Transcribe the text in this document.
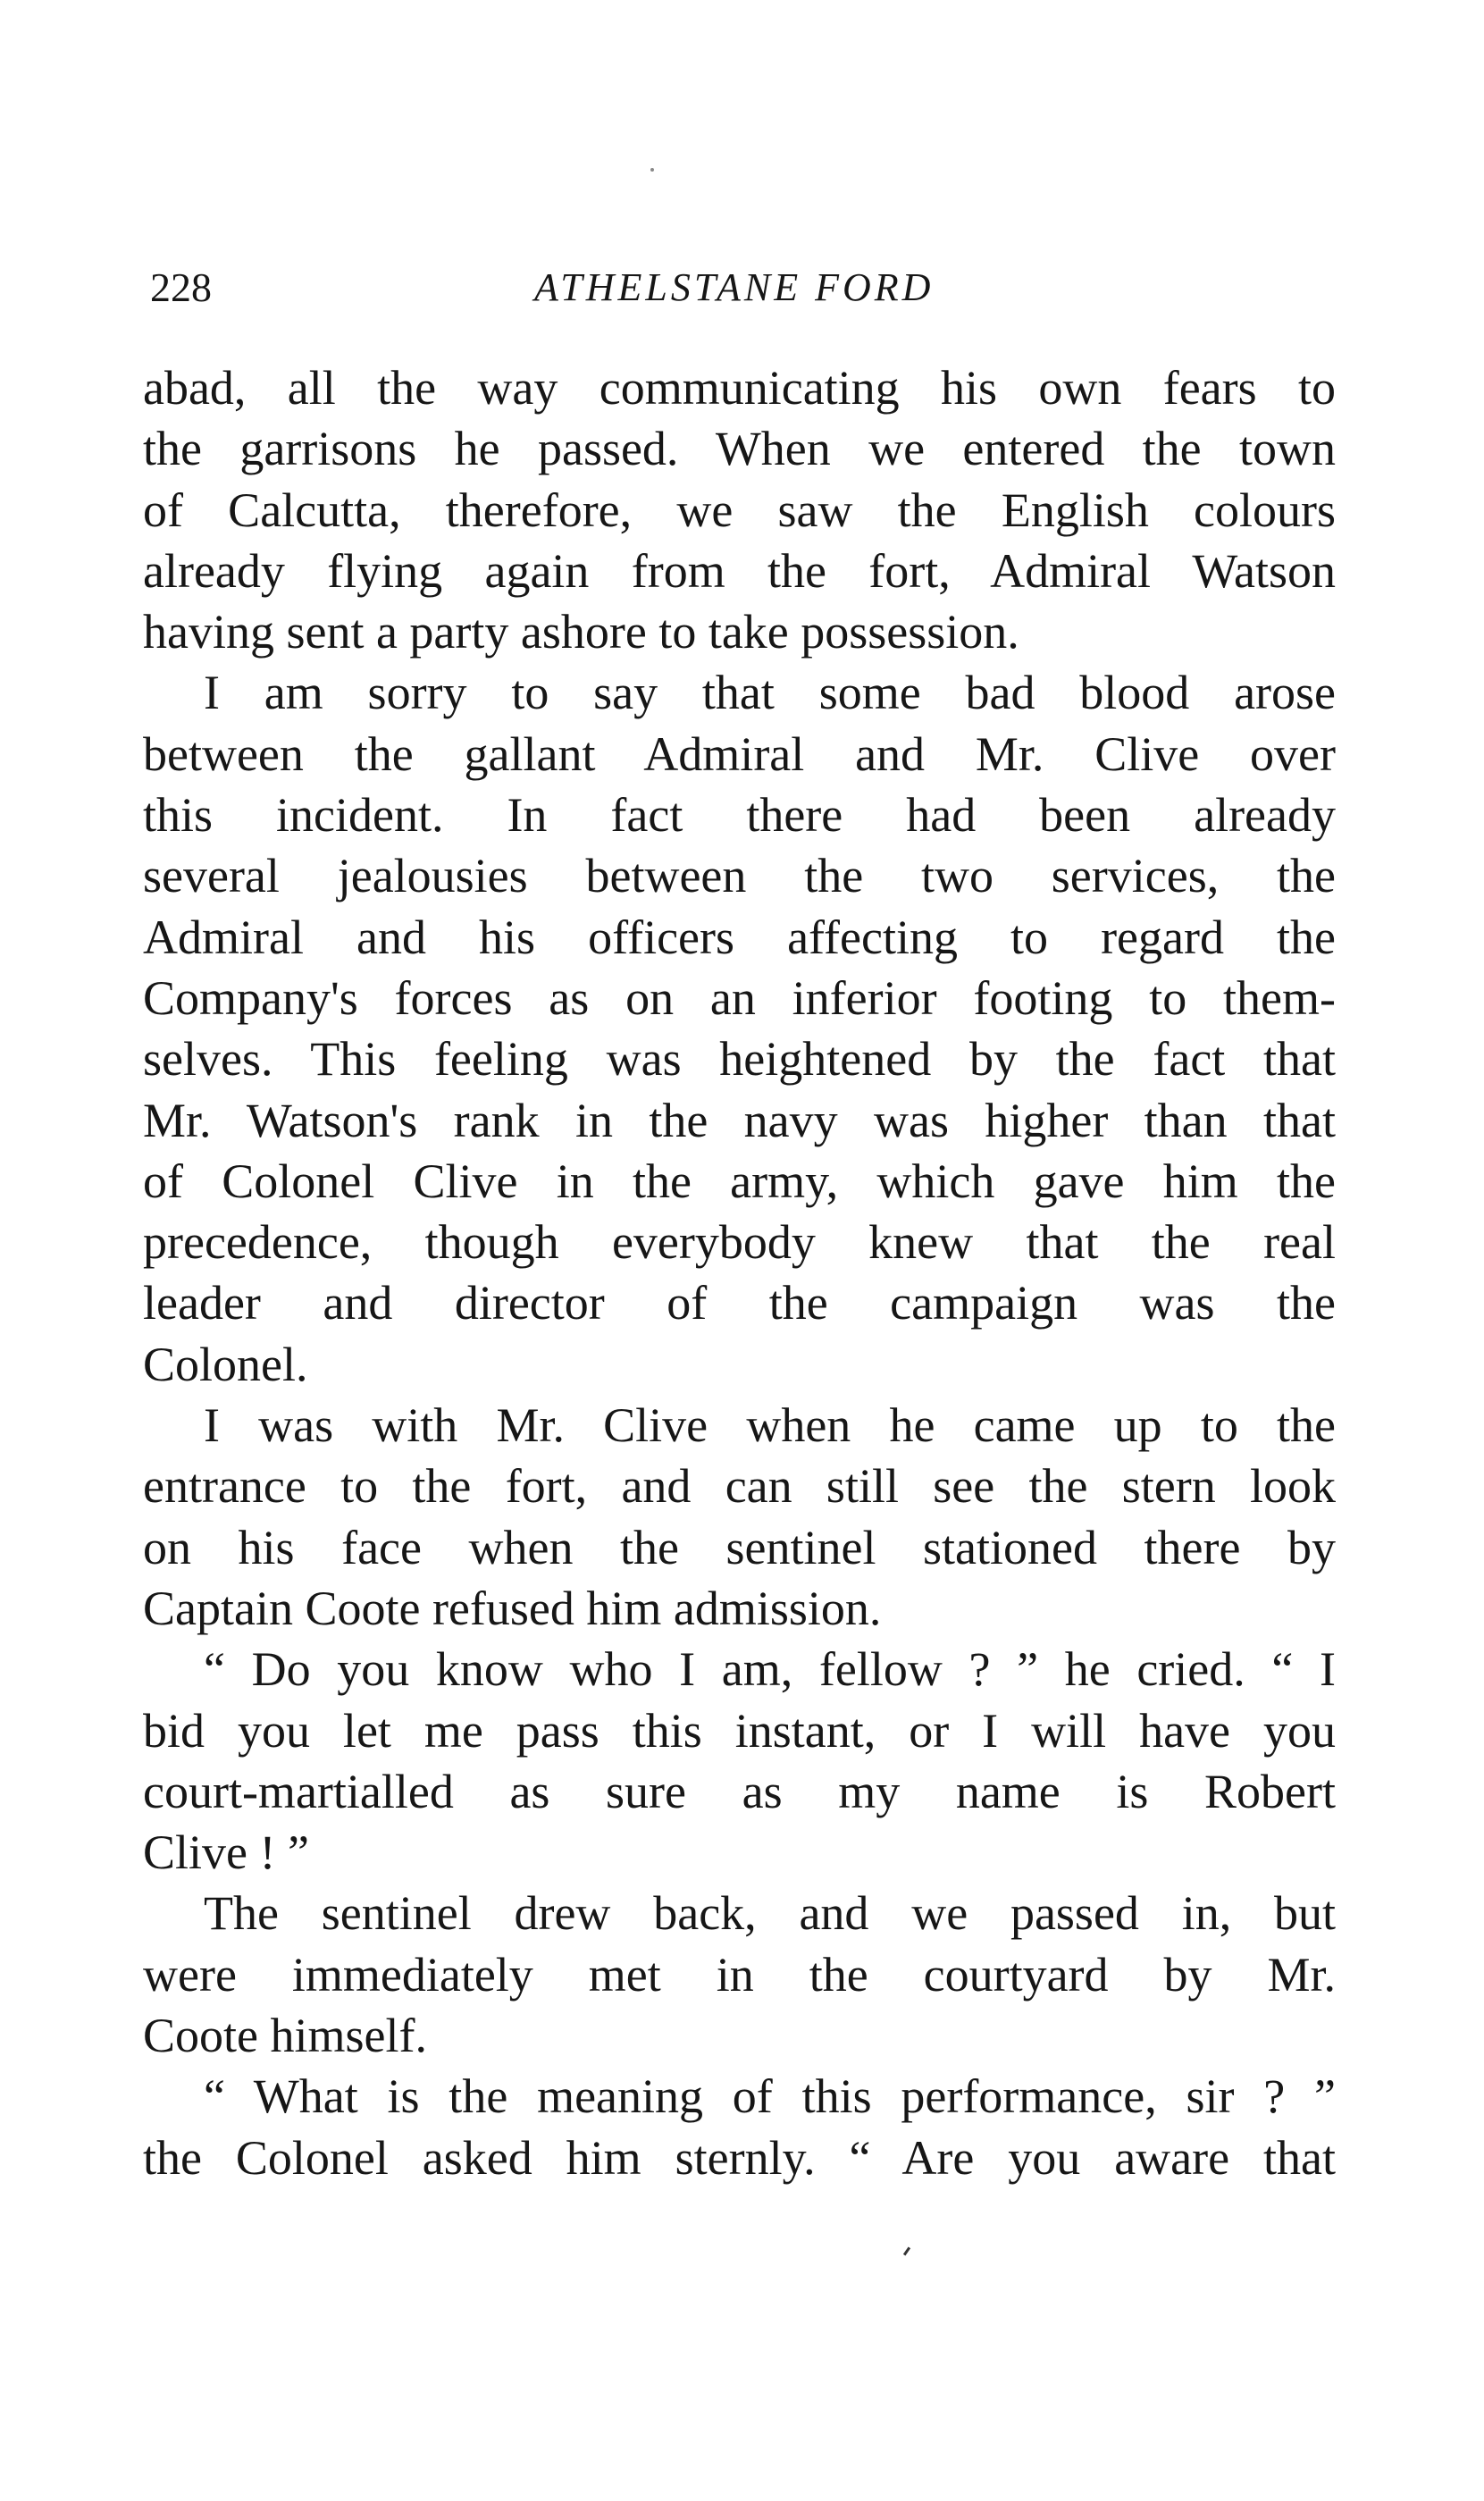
228	ATHELSTANE FORD
abad, all the way communicating his own fears to
the garrisons he passed. When we entered the town
of Calcutta, therefore, we saw the English colours
already flying again from the fort, Admiral Watson
having sent a party ashore to take possession.
I am sorry to say that some bad blood arose
between the gallant Admiral and Mr. Clive over
this incident. In fact there had been already
several jealousies between the two services, the
Admiral and his officers affecting to regard the
Company's forces as on an inferior footing to them-
selves. This feeling was heightened by the fact that
Mr. Watson's rank in the navy was higher than that
of Colonel Clive in the army, which gave him the
precedence, though everybody knew that the real
leader and director of the campaign was the
Colonel.
I was with Mr. Clive when he came up to the
entrance to the fort, and can still see the stern look
on his face when the sentinel stationed there by
Captain Coote refused him admission.
“ Do you know who I am, fellow ? ” he cried. “ I
bid you let me pass this instant, or I will have you
court-martialled as sure as my name is Robert
Clive ! ”
The sentinel drew back, and we passed in, but
were immediately met in the courtyard by Mr.
Coote himself.
“ What is the meaning of this performance, sir ? ”
the Colonel asked him sternly. “ Are you aware that
